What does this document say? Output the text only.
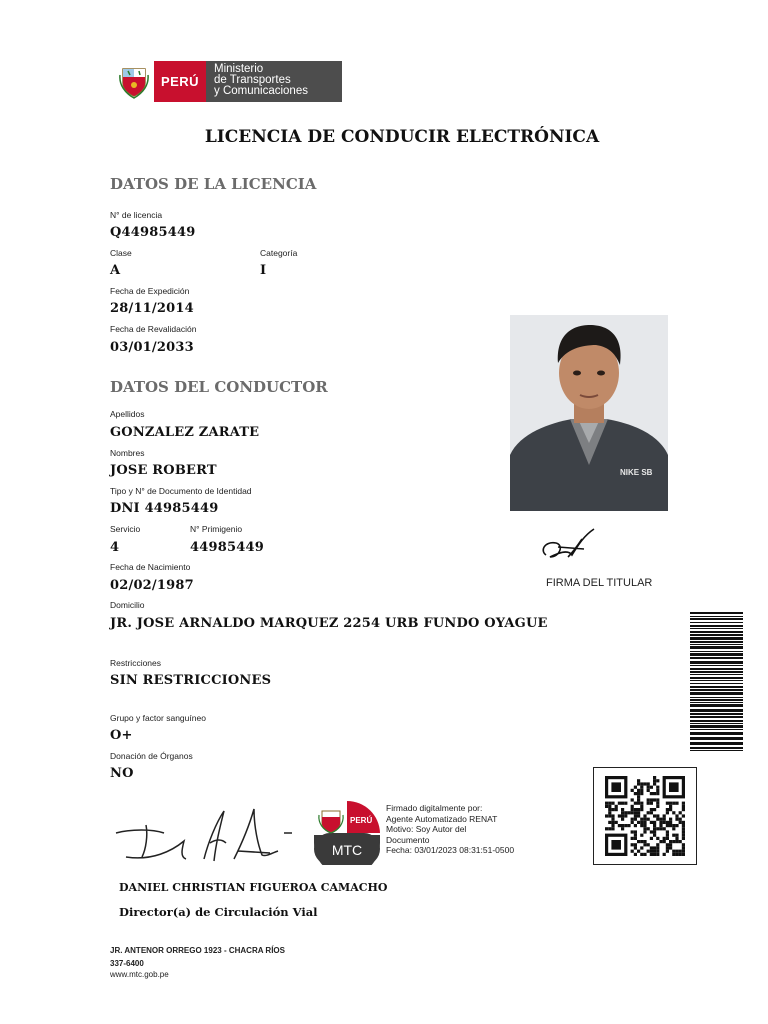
PERÚ
Ministerio
de Transportes
y Comunicaciones
LICENCIA DE CONDUCIR ELECTRÓNICA
DATOS DE LA LICENCIA
N° de licencia
Q44985449
Clase
A
Categoría
I
Fecha de Expedición
28/11/2014
Fecha de Revalidación
03/01/2033
DATOS DEL CONDUCTOR
Apellidos
GONZALEZ ZARATE
Nombres
JOSE ROBERT
Tipo y N° de Documento de Identidad
DNI 44985449
Servicio
4
N° Primigenio
44985449
Fecha de Nacimiento
02/02/1987
Domicilio
JR. JOSE ARNALDO MARQUEZ 2254 URB FUNDO OYAGUE
Restricciones
SIN RESTRICCIONES
Grupo y factor sanguíneo
O+
Donación de Órganos
NO
NIKE SB
FIRMA DEL TITULAR
PERÚ
MTC
Firmado digitalmente por:
Agente Automatizado RENAT
Motivo: Soy Autor del
Documento
Fecha: 03/01/2023 08:31:51-0500
DANIEL CHRISTIAN FIGUEROA CAMACHO
Director(a) de Circulación Vial
JR. ANTENOR ORREGO 1923 - CHACRA RÍOS
337-6400
www.mtc.gob.pe
